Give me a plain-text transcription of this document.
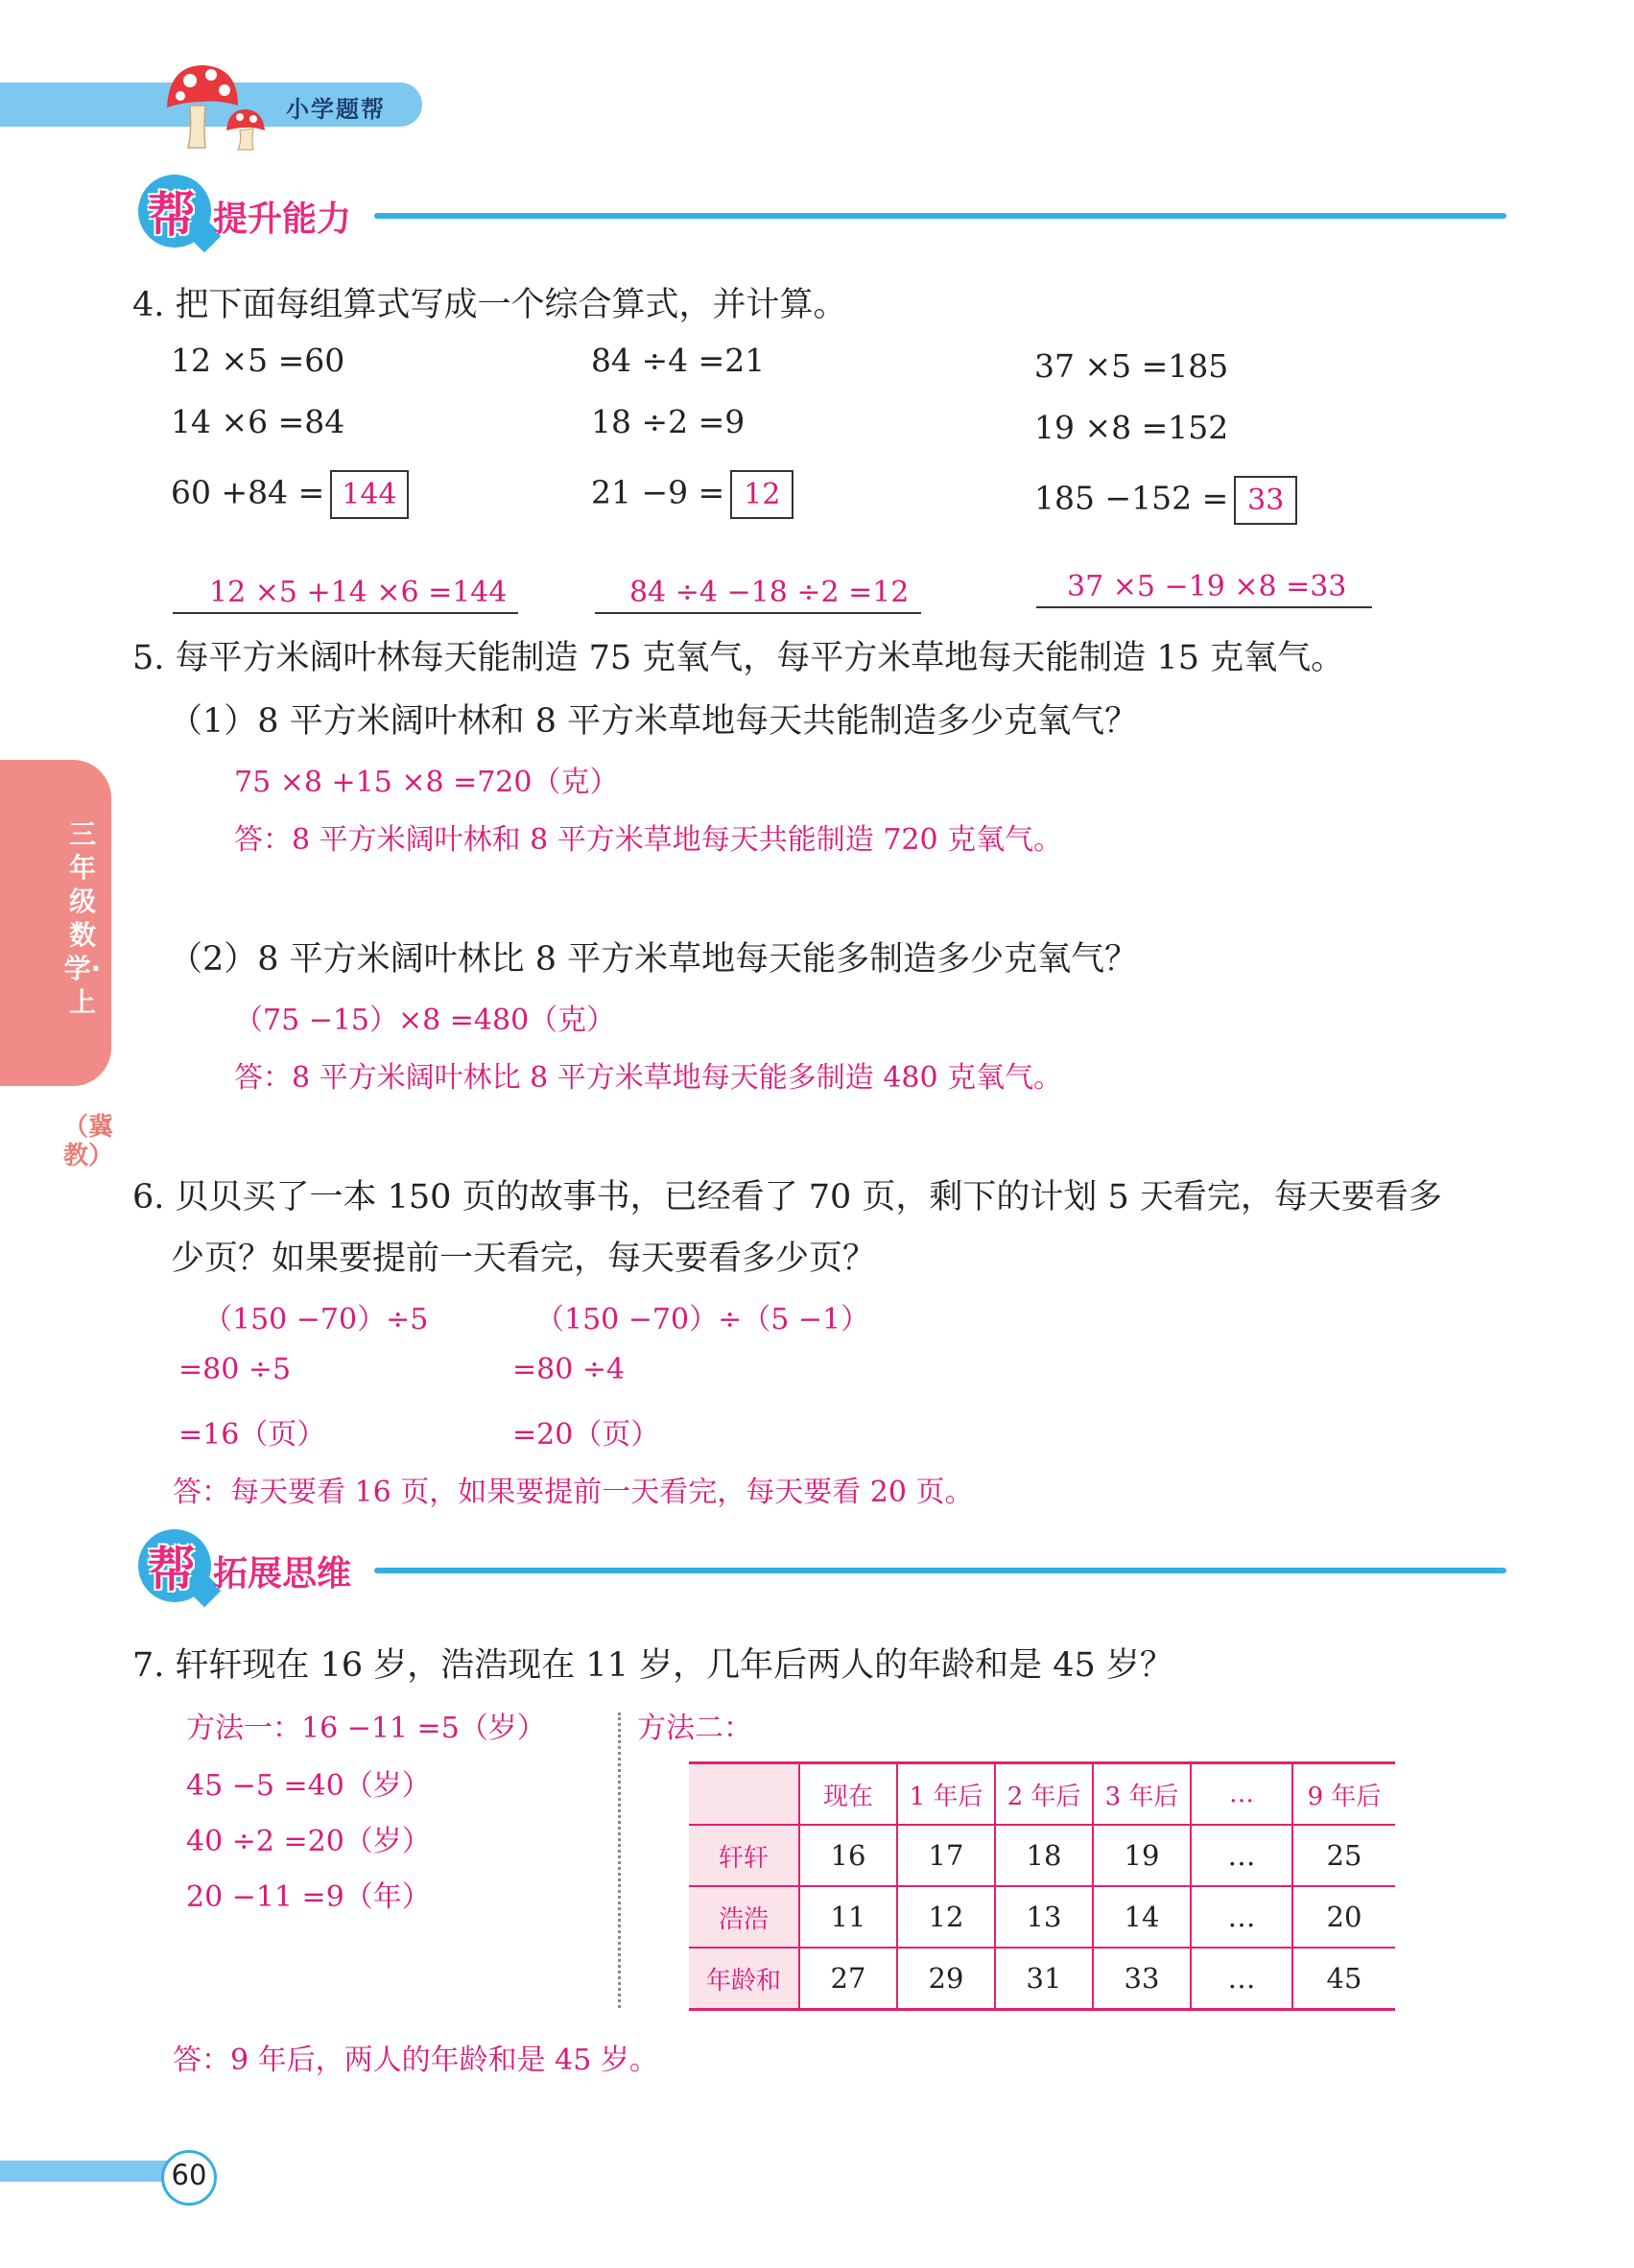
小学题帮
帮 提升能力
三年级数学·上
（冀教）
4. 把下面每组算式写成一个综合算式，并计算。
12 ×5 =60
14 ×6 =84
60 +84 = 144
12 ×5 +14 ×6 =144
84 ÷4 =21
18 ÷2 =9
21 −9 = 12
84 ÷4 −18 ÷2 =12
37 ×5 =185
19 ×8 =152
185 −152 = 33
37 ×5 −19 ×8 =33
5. 每平方米阔叶林每天能制造 75 克氧气，每平方米草地每天能制造 15 克氧气。
（1）8 平方米阔叶林和 8 平方米草地每天共能制造多少克氧气？
75 ×8 +15 ×8 =720（克）
答：8 平方米阔叶林和 8 平方米草地每天共能制造 720 克氧气。
（2）8 平方米阔叶林比 8 平方米草地每天能多制造多少克氧气？
（75 −15）×8 =480（克）
答：8 平方米阔叶林比 8 平方米草地每天能多制造 480 克氧气。
6. 贝贝买了一本 150 页的故事书，已经看了 70 页，剩下的计划 5 天看完，每天要看多
少页？如果要提前一天看完，每天要看多少页？
（150 −70）÷5
=80 ÷5
=16（页）
（150 −70）÷（5 −1）
=80 ÷4
=20（页）
答：每天要看 16 页，如果要提前一天看完，每天要看 20 页。
帮 拓展思维
7. 轩轩现在 16 岁，浩浩现在 11 岁，几年后两人的年龄和是 45 岁？
方法一：16 −11 =5（岁）
45 −5 =40（岁）
40 ÷2 =20（岁）
20 −11 =9（年）
方法二：
	现在	1 年后	2 年后	3 年后	…	9 年后
轩轩	16	17	18	19	…	25
浩浩	11	12	13	14	…	20
年龄和	27	29	31	33	…	45
答：9 年后，两人的年龄和是 45 岁。
60
